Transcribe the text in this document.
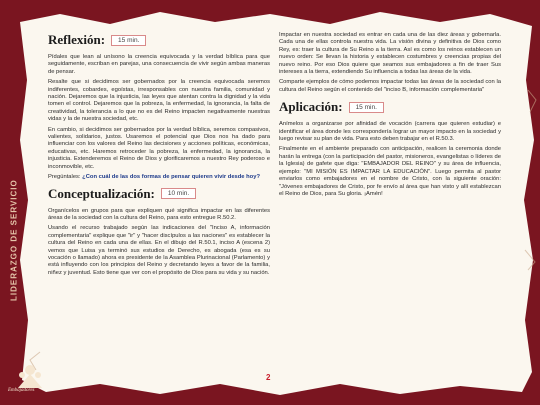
LIDERAZGO DE SERVICIO
Embajadores
Reflexión:	15 min.

Pídales que lean al unísono la creencia equivocada y la verdad bíblica para que seguidamente, escriban en parejas, una consecuencia de vivir según ambas maneras de pensar.

Resalte que si decidimos ser gobernados por la creencia equivocada seremos indiferentes, cobardes, egoístas, irresponsables con nuestra familia, comunidad y nación. Dejaremos que la injusticia, las leyes que atentan contra la dignidad y la vida tomen el control. Dejaremos que la pobreza, la enfermedad, la ignorancia, la falta de creatividad, la tolerancia a lo que no es del Reino impacten negativamente nuestras vidas y la de nuestra sociedad, etc.

En cambio, si decidimos ser gobernados por la verdad bíblica, seremos compasivos, valientes, solidarios, justos. Usaremos el potencial que Dios nos ha dado para influenciar con los valores del Reino las decisiones y acciones políticas, económicas, educativas, etc. Haremos retroceder la pobreza, la enfermedad, la ignorancia, la injusticia. Extenderemos el Reino de Dios y glorificaremos a nuestro Rey poderoso e inconmovible, etc.

Pregúntales: ¿Con cuál de las dos formas de pensar quieren vivir desde hoy?

Conceptualización:	10 min.

Organícelos en grupos para que expliquen qué significa impactar en las diferentes áreas de la sociedad con la cultura del Reino, para esto entregue R.50.2.

Usando el recurso trabajado según las indicaciones del "Inciso A, información complementaria" explique que "ir" y "hacer discípulos a las naciones" es establecer la cultura del Reino en cada una de ellas. En el dibujo del R.50.1, inciso A (escena 2) vemos que Luisa ya terminó sus estudios de Derecho, es abogada (esa es su vocación o llamado) ahora es presidente de la Asamblea Plurinacional (Parlamento) y está influyendo con los principios del Reino y decretando leyes a favor de la familia, niñez y juventud. Esto tiene que ver con el propósito de Dios para su vida y su nación.

Impactar en nuestra sociedad es entrar en cada una de las diez áreas y gobernarla. Cada una de ellas controla nuestra vida. La visión divina y definitiva de Dios como Rey, es: traer la cultura de Su Reino a la tierra. Así es como los reinos establecen un nuevo orden: Se llevan la historia y establecen costumbres y creencias propias del nuevo reino. Por eso Dios quiere que seamos sus embajadores a fin de traer Sus intereses a la tierra, extendiendo Su influencia a todas las áreas de la vida.

Comparte ejemplos de cómo podemos impactar todas las áreas de la sociedad con la cultura del Reino según el contenido del "inciso B, información complementaria"

Aplicación:	15 min.

Anímelos a organizarse por afinidad de vocación (carrera que quieren estudiar) e identificar el área donde les correspondería lograr un mayor impacto en la sociedad y luego revisar su plan de vida. Para esto deben trabajar en el R.50.3.

Finalmente en el ambiente preparado con anticipación, realicen la ceremonia donde harán la entrega (con la participación del pastor, misioneros, evangelistas o líderes de la Iglesia) de gafete que diga: "EMBAJADOR DEL REINO" y su área de influencia, ejemplo: "MI MISIÓN ES IMPACTAR LA EDUCACIÓN". Luego permita al pastor enviarlos como embajadores en el nombre de Cristo, con la siguiente oración: "Jóvenes embajadores de Cristo, por fe envío al área que han visto y allí establezcan el Reino de Dios, para Su gloria. ¡Amén!

2
